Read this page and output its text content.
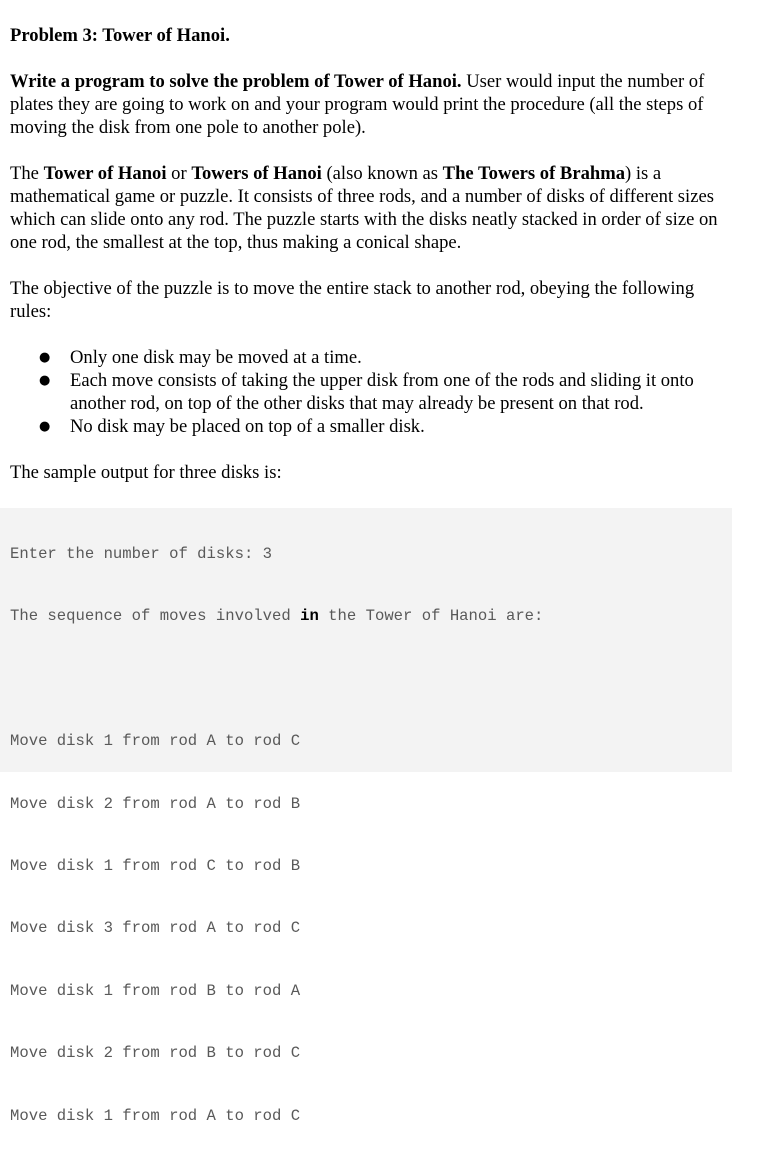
Problem 3: Tower of Hanoi.
Write a program to solve the problem of Tower of Hanoi. User would input the number of plates they are going to work on and your program would print the procedure (all the steps of moving the disk from one pole to another pole).
The Tower of Hanoi or Towers of Hanoi (also known as The Towers of Brahma) is a mathematical game or puzzle. It consists of three rods, and a number of disks of different sizes which can slide onto any rod. The puzzle starts with the disks neatly stacked in order of size on one rod, the smallest at the top, thus making a conical shape.
The objective of the puzzle is to move the entire stack to another rod, obeying the following rules:
● Only one disk may be moved at a time.
● Each move consists of taking the upper disk from one of the rods and sliding it onto another rod, on top of the other disks that may already be present on that rod.
● No disk may be placed on top of a smaller disk.
The sample output for three disks is:

Enter the number of disks: 3

The sequence of moves involved in the Tower of Hanoi are:

Move disk 1 from rod A to rod C

Move disk 2 from rod A to rod B

Move disk 1 from rod C to rod B

Move disk 3 from rod A to rod C

Move disk 1 from rod B to rod A

Move disk 2 from rod B to rod C

Move disk 1 from rod A to rod C
